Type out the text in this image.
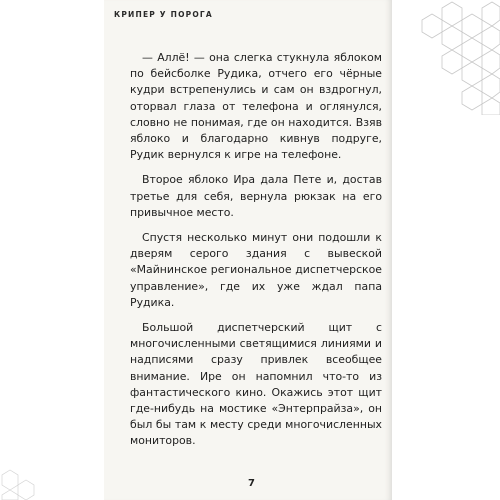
КРИПЕР У ПОРОГА

— Аллё! — она слегка стукнула яблоком по бейсболке Рудика, отчего его чёрные кудри встрепенулись и сам он вздрогнул, оторвал глаза от телефона и оглянулся, словно не понимая, где он находится. Взяв яблоко и благодарно кивнув подруге, Рудик вернулся к игре на телефоне.

Второе яблоко Ира дала Пете и, достав третье для себя, вернула рюкзак на его привычное место.

Спустя несколько минут они подошли к дверям серого здания с вывеской «Майнинское региональное диспетчерское управление», где их уже ждал папа Рудика.

Большой диспетчерский щит с многочисленными светящимися линиями и надписями сразу привлек всеобщее внимание. Ире он напомнил что-то из фантастического кино. Окажись этот щит где-нибудь на мостике «Энтерпрайза», он был бы там к месту среди многочисленных мониторов.

7
